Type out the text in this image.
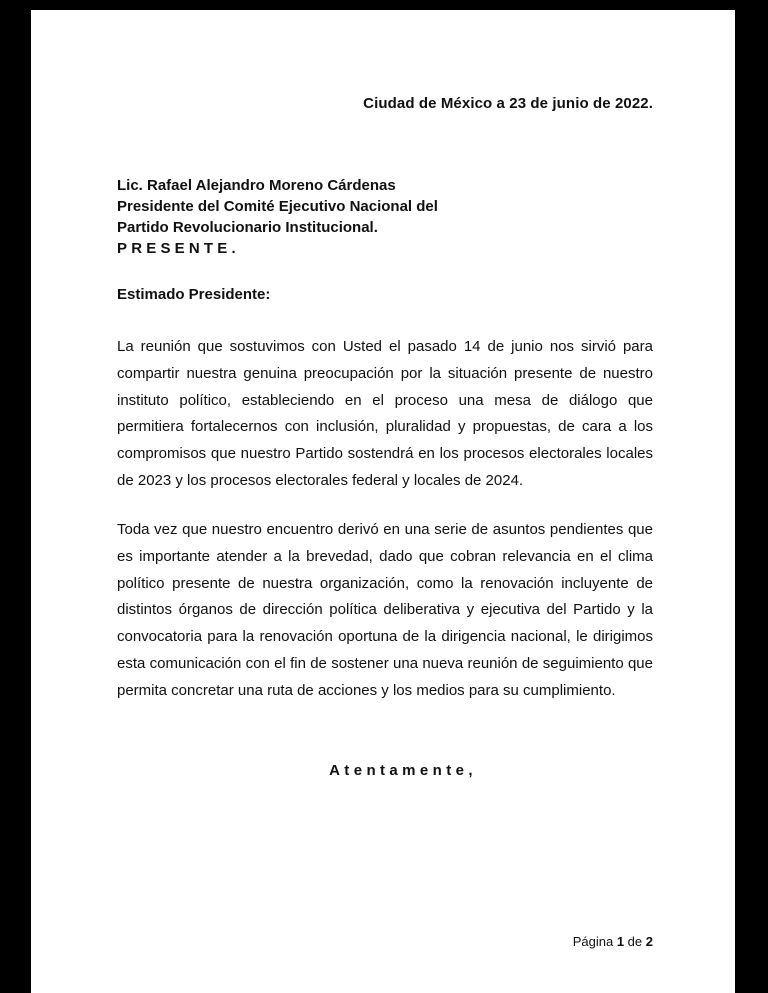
Ciudad de México a 23 de junio de 2022.
Lic. Rafael Alejandro Moreno Cárdenas
Presidente del Comité Ejecutivo Nacional del
Partido Revolucionario Institucional.
PRESENTE.
Estimado Presidente:

La reunión que sostuvimos con Usted el pasado 14 de junio nos sirvió para compartir nuestra genuina preocupación por la situación presente de nuestro instituto político, estableciendo en el proceso una mesa de diálogo que permitiera fortalecernos con inclusión, pluralidad y propuestas, de cara a los compromisos que nuestro Partido sostendrá en los procesos electorales locales de 2023 y los procesos electorales federal y locales de 2024.

Toda vez que nuestro encuentro derivó en una serie de asuntos pendientes que es importante atender a la brevedad, dado que cobran relevancia en el clima político presente de nuestra organización, como la renovación incluyente de distintos órganos de dirección política deliberativa y ejecutiva del Partido y la convocatoria para la renovación oportuna de la dirigencia nacional, le dirigimos esta comunicación con el fin de sostener una nueva reunión de seguimiento que permita concretar una ruta de acciones y los medios para su cumplimiento.

Atentamente,
Página 1 de 2
